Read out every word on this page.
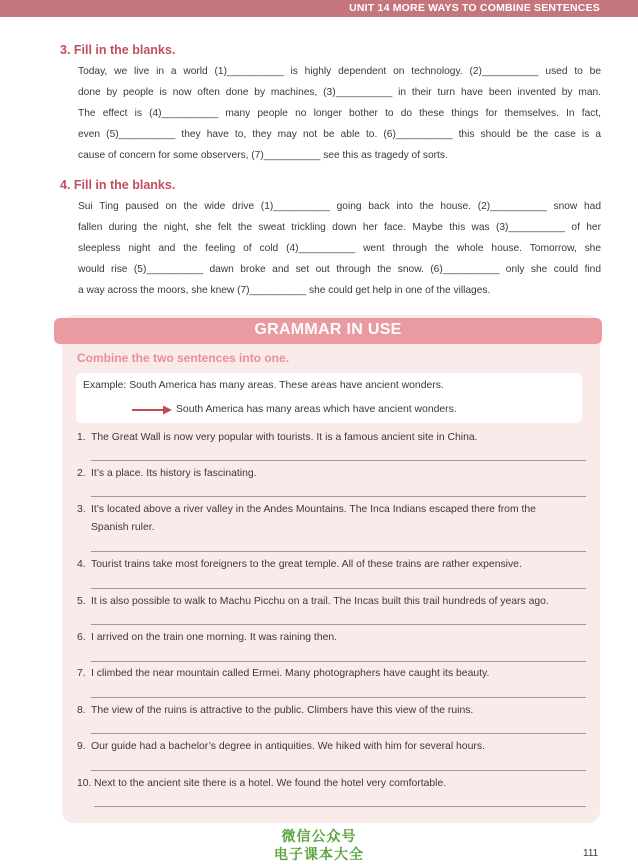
UNIT 14 MORE WAYS TO COMBINE SENTENCES
3. Fill in the blanks.
Today, we live in a world (1)__________ is highly dependent on technology. (2)__________ used to be
done by people is now often done by machines, (3)__________ in their turn have been invented by man.
The effect is (4)__________ many people no longer bother to do these things for themselves. In fact,
even (5)__________ they have to, they may not be able to. (6)__________ this should be the case is a
cause of concern for some observers, (7)__________ see this as tragedy of sorts.
4. Fill in the blanks.
Sui Ting paused on the wide drive (1)__________ going back into the house. (2)__________ snow had
fallen during the night, she felt the sweat trickling down her face. Maybe this was (3)__________ of her
sleepless night and the feeling of cold (4)__________ went through the whole house. Tomorrow, she
would rise (5)__________ dawn broke and set out through the snow. (6)__________ only she could find
a way across the moors, she knew (7)__________ she could get help in one of the villages.
GRAMMAR IN USE
Combine the two sentences into one.
Example: South America has many areas. These areas have ancient wonders.
South America has many areas which have ancient wonders.
1. The Great Wall is now very popular with tourists. It is a famous ancient site in China.
2. It’s a place. Its history is fascinating.
3. It’s located above a river valley in the Andes Mountains. The Inca Indians escaped there from the
Spanish ruler.
4. Tourist trains take most foreigners to the great temple. All of these trains are rather expensive.
5. It is also possible to walk to Machu Picchu on a trail. The Incas built this trail hundreds of years ago.
6. I arrived on the train one morning. It was raining then.
7. I climbed the near mountain called Ermei. Many photographers have caught its beauty.
8. The view of the ruins is attractive to the public. Climbers have this view of the ruins.
9. Our guide had a bachelor’s degree in antiquities. We hiked with him for several hours.
10. Next to the ancient site there is a hotel. We found the hotel very comfortable.
微信公众号
电子课本大全	111
